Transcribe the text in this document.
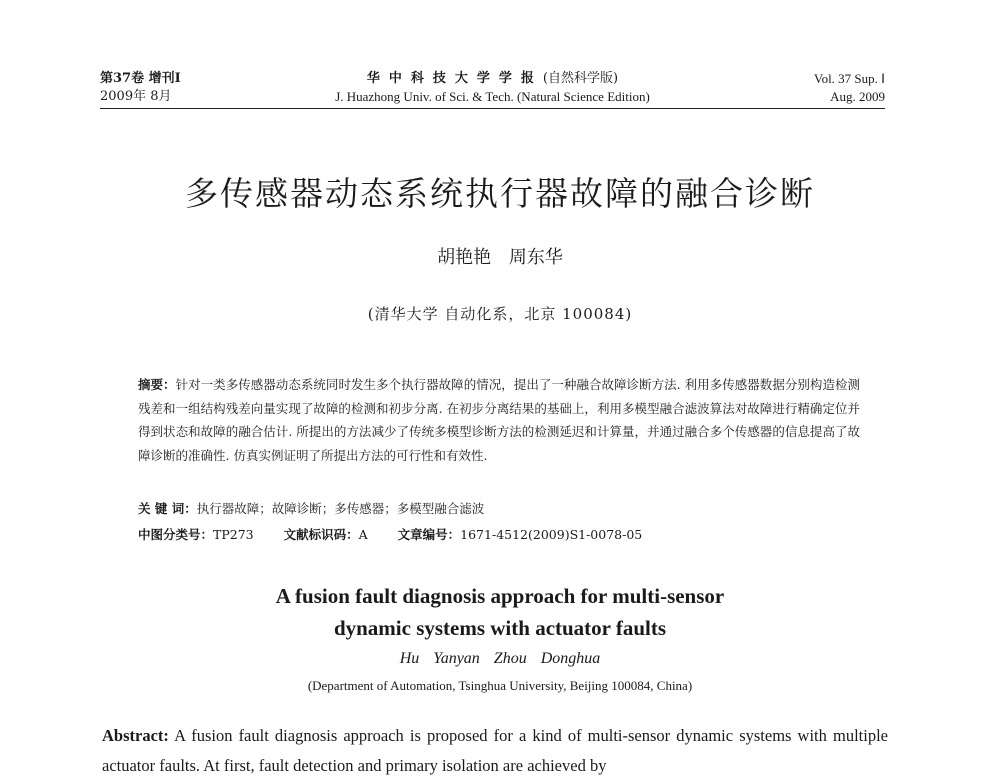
第37卷 增刊Ⅰ
2009年 8月
华中科技大学学报(自然科学版)
J. Huazhong Univ. of Sci. & Tech. (Natural Science Edition)
Vol. 37 Sup. Ⅰ
Aug. 2009
多传感器动态系统执行器故障的融合诊断
胡艳艳 周东华
(清华大学 自动化系，北京 100084)
摘要：针对一类多传感器动态系统同时发生多个执行器故障的情况，提出了一种融合故障诊断方法. 利用多传感器数据分别构造检测残差和一组结构残差向量实现了故障的检测和初步分离. 在初步分离结果的基础上，利用多模型融合滤波算法对故障进行精确定位并得到状态和故障的融合估计. 所提出的方法减少了传统多模型诊断方法的检测延迟和计算量，并通过融合多个传感器的信息提高了故障诊断的准确性. 仿真实例证明了所提出方法的可行性和有效性.
关 键 词：执行器故障；故障诊断；多传感器；多模型融合滤波
中图分类号：TP273 文献标识码：A 文章编号：1671-4512(2009)S1-0078-05
A fusion fault diagnosis approach for multi-sensor
dynamic systems with actuator faults
Hu Yanyan Zhou Donghua
(Department of Automation, Tsinghua University, Beijing 100084, China)
Abstract: A fusion fault diagnosis approach is proposed for a kind of multi-sensor dynamic systems with multiple actuator faults. At first, fault detection and primary isolation are achieved by
